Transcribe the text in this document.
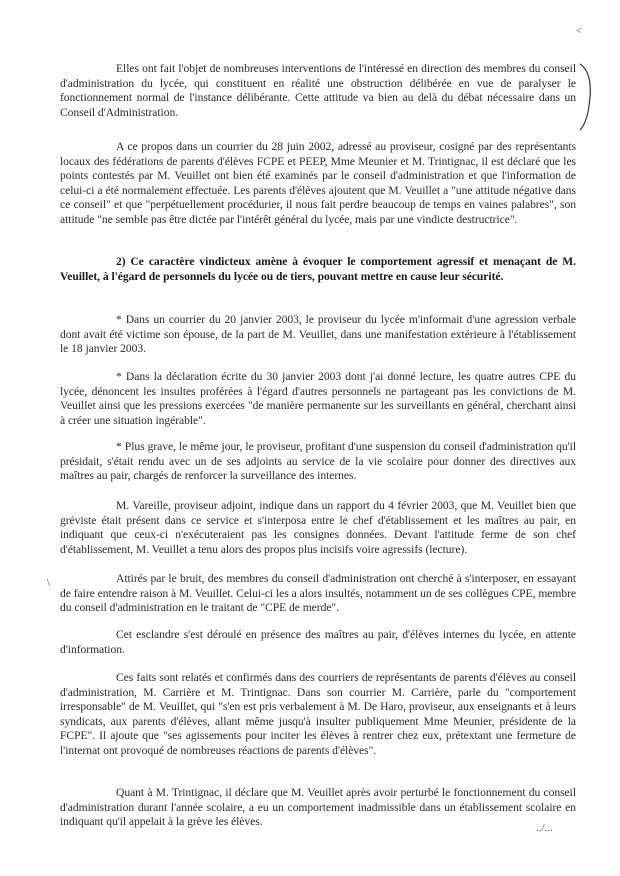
<

Elles ont fait l'objet de nombreuses interventions de l'intéressé en direction des membres du conseil d'administration du lycée, qui constituent en réalité une obstruction délibérée en vue de paralyser le fonctionnement normal de l'instance délibérante. Cette attitude va bien au delà du débat nécessaire dans un Conseil d'Administration.

A ce propos dans un courrier du 28 juin 2002, adressé au proviseur, cosigné par des représentants locaux des fédérations de parents d'élèves FCPE et PEEP, Mme Meunier et M. Trintignac, il est déclaré que les points contestés par M. Veuillet ont bien été examinés par le conseil d'administration et que l'information de celui-ci a été normalement effectuée. Les parents d'élèves ajoutent que M. Veuillet a "une attitude négative dans ce conseil" et que "perpétuellement procédurier, il nous fait perdre beaucoup de temps en vaines palabres", son attitude "ne semble pas être dictée par l'intérêt général du lycée, mais par une vindicte destructrice".

2) Ce caractère vindicteux amène à évoquer le comportement agressif et menaçant de M. Veuillet, à l'égard de personnels du lycée ou de tiers, pouvant mettre en cause leur sécurité.

* Dans un courrier du 20 janvier 2003, le proviseur du lycée m'informait d'une agression verbale dont avait été victime son épouse, de la part de M. Veuillet, dans une manifestation extérieure à l'établissement le 18 janvier 2003.

* Dans la déclaration écrite du 30 janvier 2003 dont j'ai donné lecture, les quatre autres CPE du lycée, dénoncent les insultes proférées à l'égard d'autres personnels ne partageant pas les convictions de M. Veuillet ainsi que les pressions exercées "de manière permanente sur les surveillants en général, cherchant ainsi à créer une situation ingérable".

* Plus grave, le même jour, le proviseur, profitant d'une suspension du conseil d'administration qu'il présidait, s'était rendu avec un de ses adjoints au service de la vie scolaire pour donner des directives aux maîtres au pair, chargés de renforcer la surveillance des internes.

M. Vareille, proviseur adjoint, indique dans un rapport du 4 février 2003, que M. Veuillet bien que gréviste était présent dans ce service et s'interposa entre le chef d'établissement et les maîtres au pair, en indiquant que ceux-ci n'exécuteraient pas les consignes données. Devant l'attitude ferme de son chef d'établissement, M. Veuillet a tenu alors des propos plus incisifs voire agressifs (lecture).

\	Attirés par le bruit, des membres du conseil d'administration ont cherché à s'interposer, en essayant de faire entendre raison à M. Veuillet. Celui-ci les a alors insultés, notamment un de ses collègues CPE, membre du conseil d'administration en le traitant de "CPE de merde".

Cet esclandre s'est déroulé en présence des maîtres au pair, d'élèves internes du lycée, en attente d'information.

Ces faits sont relatés et confirmés dans des courriers de représentants de parents d'élèves au conseil d'administration, M. Carrière et M. Trintignac. Dans son courrier M. Carrière, parle du "comportement irresponsable" de M. Veuillet, qui "s'en est pris verbalement à M. De Haro, proviseur, aux enseignants et à leurs syndicats, aux parents d'élèves, allant même jusqu'à insulter publiquement Mme Meunier, présidente de la FCPE". Il ajoute que "ses agissements pour inciter les élèves à rentrer chez eux, prétextant une fermeture de l'internat ont provoqué de nombreuses réactions de parents d'élèves".

Quant à M. Trintignac, il déclare que M. Veuillet après avoir perturbé le fonctionnement du conseil d'administration durant l'année scolaire, a eu un comportement inadmissible dans un établissement scolaire en indiquant qu'il appelait à la grève les élèves.	../...
